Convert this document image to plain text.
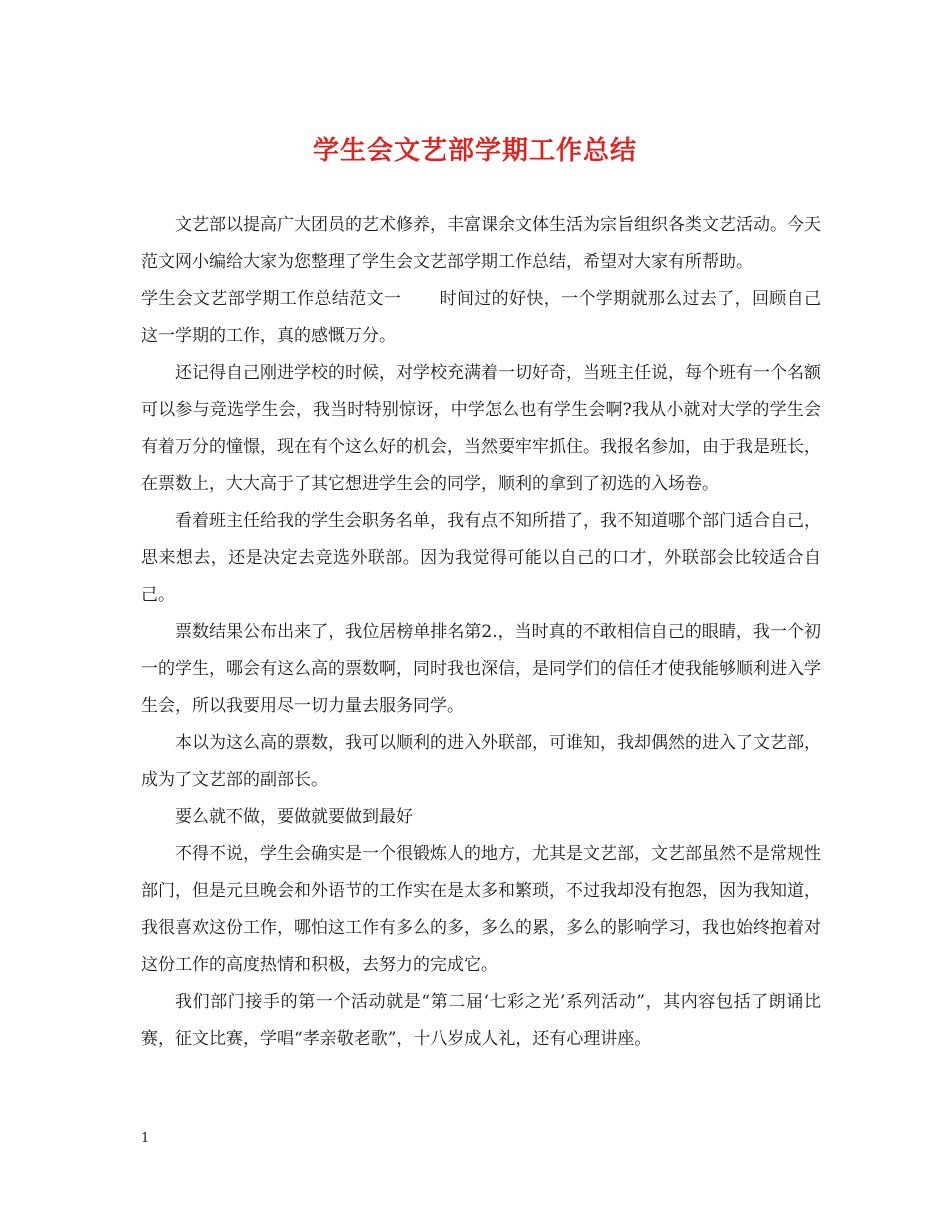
学生会文艺部学期工作总结

文艺部以提高广大团员的艺术修养，丰富课余文体生活为宗旨组织各类文艺活动。今天范文网小编给大家为您整理了学生会文艺部学期工作总结，希望对大家有所帮助。

学生会文艺部学期工作总结范文一 时间过的好快，一个学期就那么过去了，回顾自己这一学期的工作，真的感慨万分。

还记得自己刚进学校的时候，对学校充满着一切好奇，当班主任说，每个班有一个名额可以参与竞选学生会，我当时特别惊讶，中学怎么也有学生会啊?我从小就对大学的学生会有着万分的憧憬，现在有个这么好的机会，当然要牢牢抓住。我报名参加，由于我是班长，在票数上，大大高于了其它想进学生会的同学，顺利的拿到了初选的入场卷。

看着班主任给我的学生会职务名单，我有点不知所措了，我不知道哪个部门适合自己，思来想去，还是决定去竞选外联部。因为我觉得可能以自己的口才，外联部会比较适合自己。

票数结果公布出来了，我位居榜单排名第2.，当时真的不敢相信自己的眼睛，我一个初一的学生，哪会有这么高的票数啊，同时我也深信，是同学们的信任才使我能够顺利进入学生会，所以我要用尽一切力量去服务同学。

本以为这么高的票数，我可以顺利的进入外联部，可谁知，我却偶然的进入了文艺部，成为了文艺部的副部长。

要么就不做，要做就要做到最好

不得不说，学生会确实是一个很锻炼人的地方，尤其是文艺部，文艺部虽然不是常规性部门，但是元旦晚会和外语节的工作实在是太多和繁琐，不过我却没有抱怨，因为我知道，我很喜欢这份工作，哪怕这工作有多么的多，多么的累，多么的影响学习，我也始终抱着对这份工作的高度热情和积极，去努力的完成它。

我们部门接手的第一个活动就是“第二届‘七彩之光’系列活动”，其内容包括了朗诵比赛，征文比赛，学唱“孝亲敬老歌”，十八岁成人礼，还有心理讲座。

1
